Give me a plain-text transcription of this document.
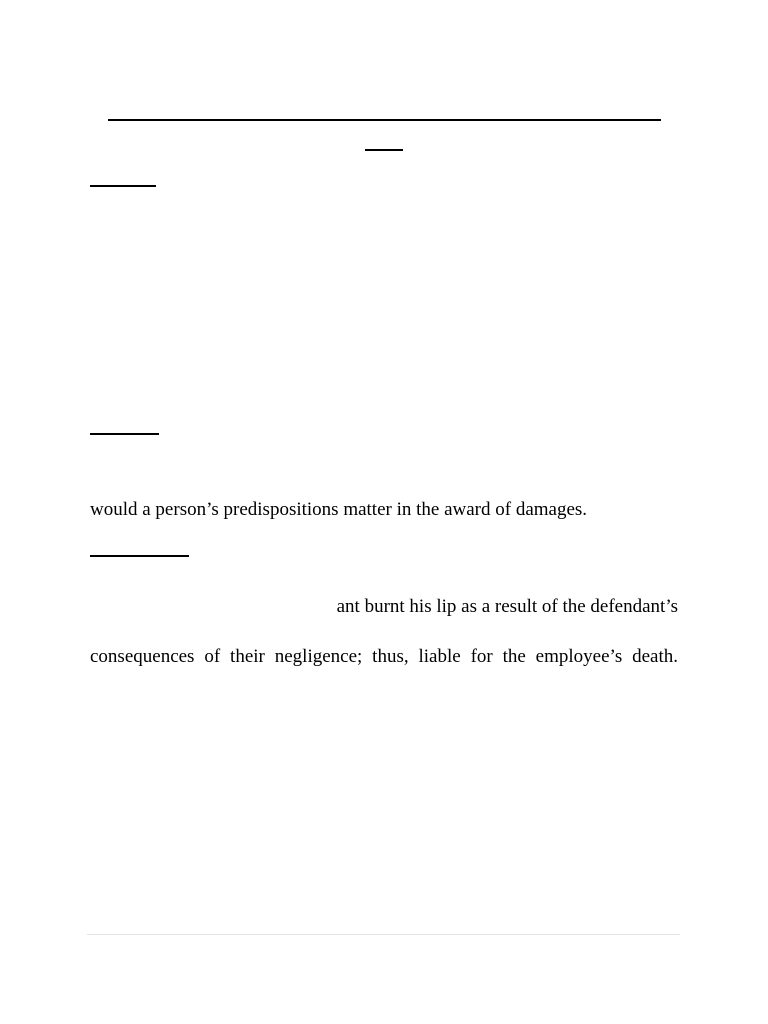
would a person’s predispositions matter in the award of damages.
ant burnt his lip as a result of the defendant’s
consequences of their negligence; thus, liable for the employee’s death.
